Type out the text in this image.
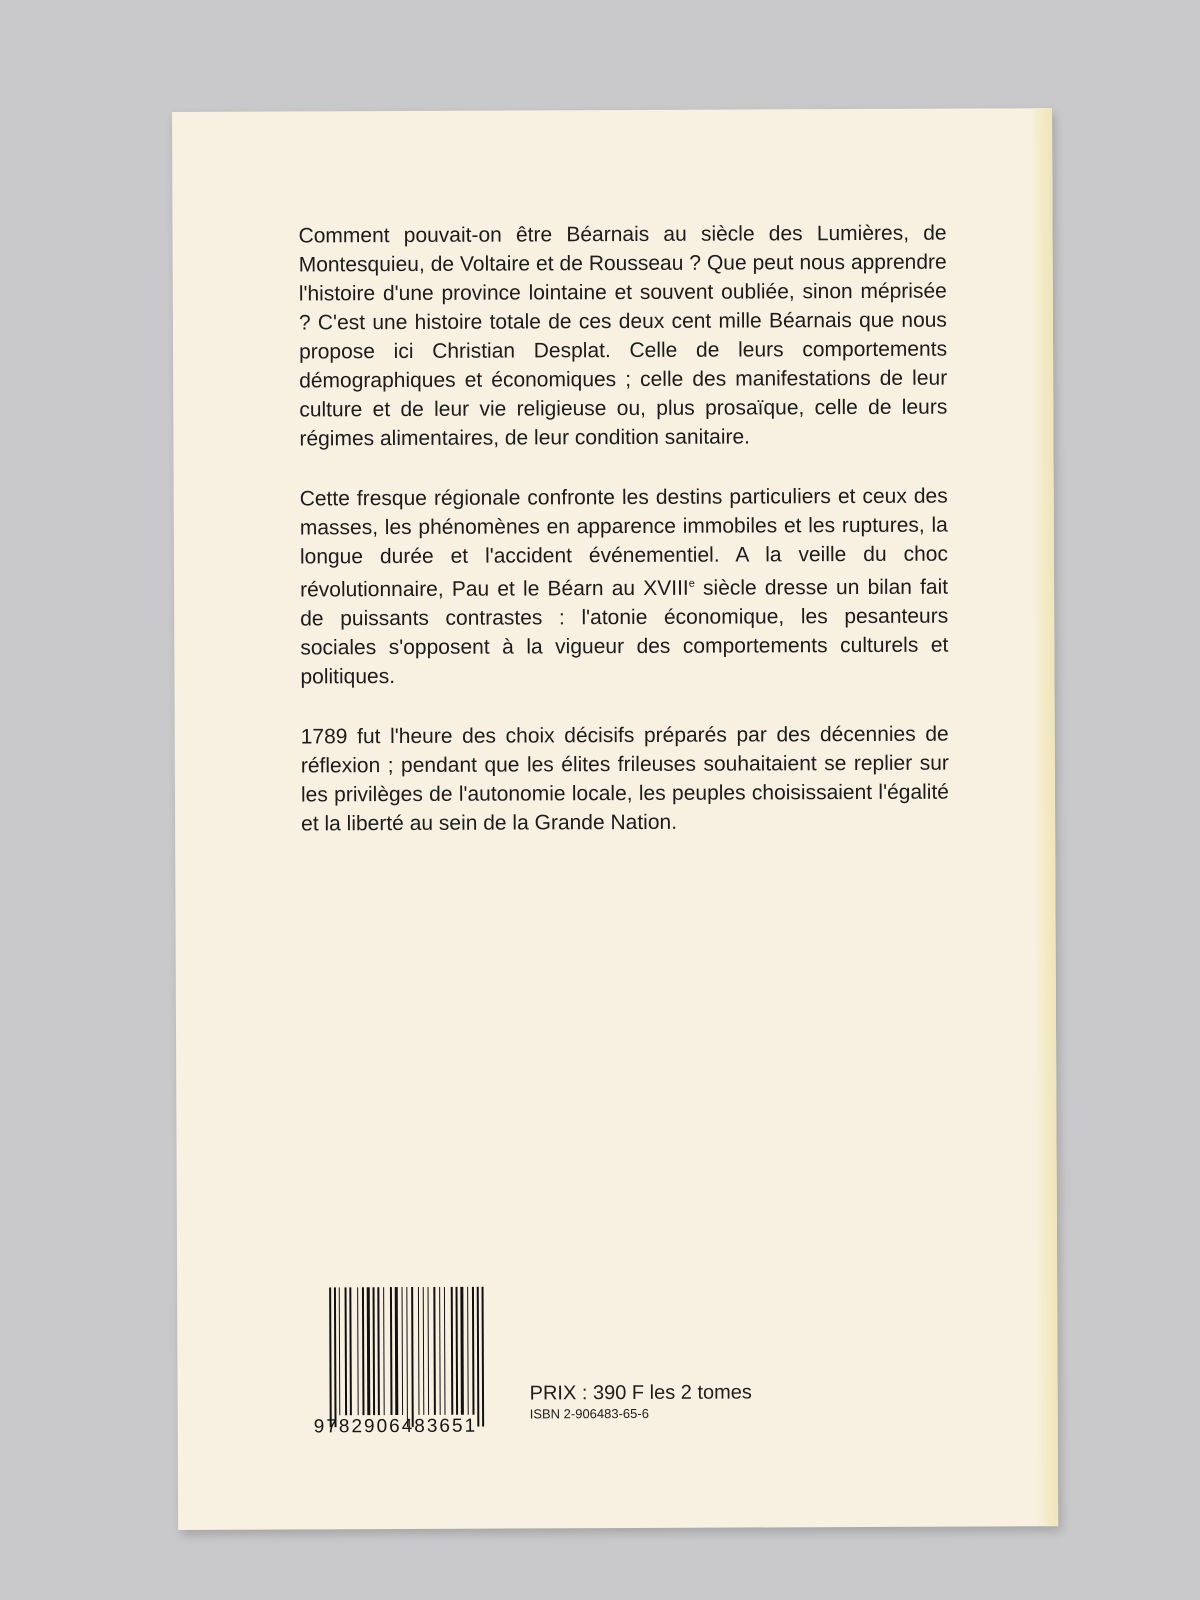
Comment pouvait-on être Béarnais au siècle des Lumières, de Montesquieu, de Voltaire et de Rousseau ? Que peut nous apprendre l'histoire d'une province lointaine et souvent oubliée, sinon méprisée ? C'est une histoire totale de ces deux cent mille Béarnais que nous propose ici Christian Desplat. Celle de leurs comportements démographiques et économiques ; celle des manifestations de leur culture et de leur vie religieuse ou, plus prosaïque, celle de leurs régimes alimentaires, de leur condition sanitaire.

Cette fresque régionale confronte les destins particuliers et ceux des masses, les phénomènes en apparence immobiles et les ruptures, la longue durée et l'accident événementiel. A la veille du choc révolutionnaire, Pau et le Béarn au XVIIIe siècle dresse un bilan fait de puissants contrastes : l'atonie économique, les pesanteurs sociales s'opposent à la vigueur des comportements culturels et politiques.

1789 fut l'heure des choix décisifs préparés par des décennies de réflexion ; pendant que les élites frileuses souhaitaient se replier sur les privilèges de l'autonomie locale, les peuples choisissaient l'égalité et la liberté au sein de la Grande Nation.

9782906483651
PRIX : 390 F les 2 tomes
ISBN 2-906483-65-6
